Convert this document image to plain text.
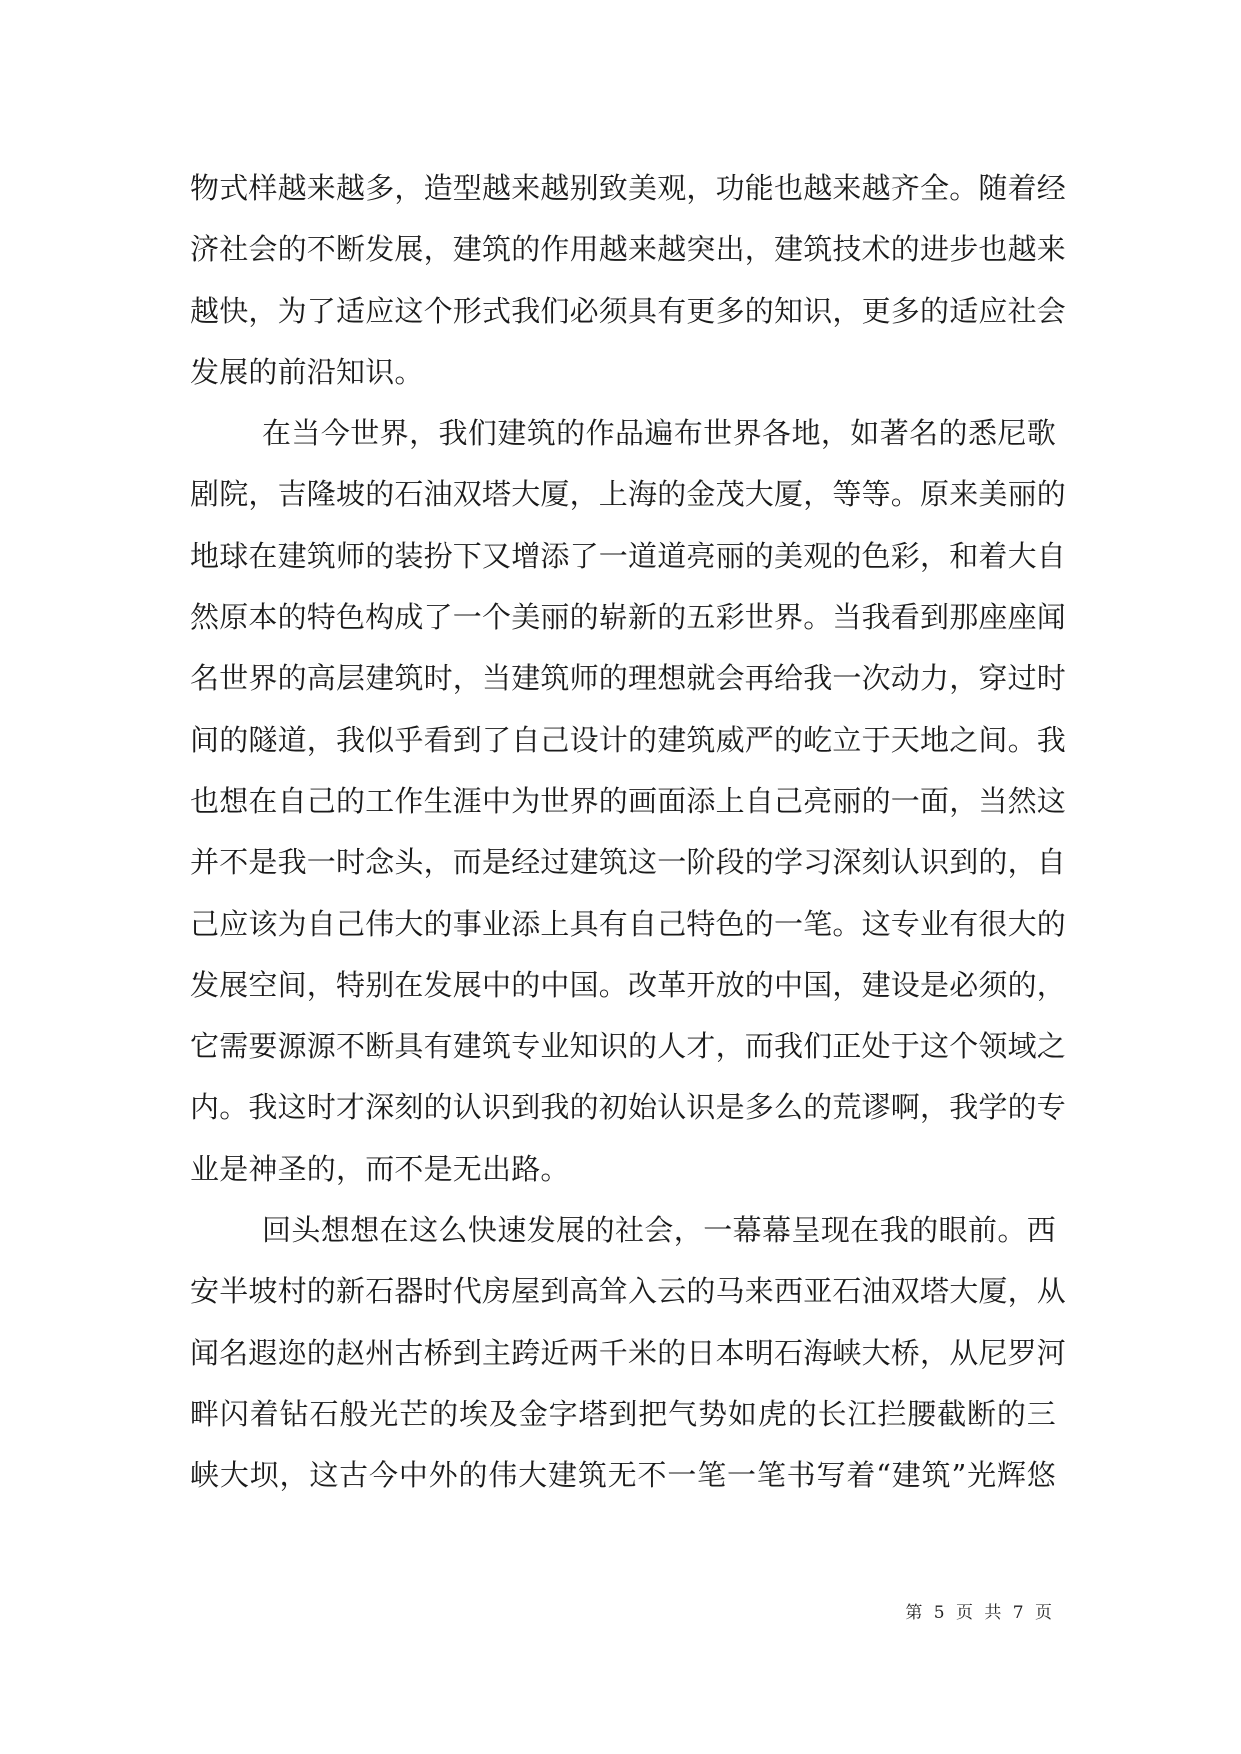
物式样越来越多，造型越来越别致美观，功能也越来越齐全。随着经
济社会的不断发展，建筑的作用越来越突出，建筑技术的进步也越来
越快，为了适应这个形式我们必须具有更多的知识，更多的适应社会
发展的前沿知识。
在当今世界，我们建筑的作品遍布世界各地，如著名的悉尼歌
剧院，吉隆坡的石油双塔大厦，上海的金茂大厦，等等。原来美丽的
地球在建筑师的装扮下又增添了一道道亮丽的美观的色彩，和着大自
然原本的特色构成了一个美丽的崭新的五彩世界。当我看到那座座闻
名世界的高层建筑时，当建筑师的理想就会再给我一次动力，穿过时
间的隧道，我似乎看到了自己设计的建筑威严的屹立于天地之间。我
也想在自己的工作生涯中为世界的画面添上自己亮丽的一面，当然这
并不是我一时念头，而是经过建筑这一阶段的学习深刻认识到的，自
己应该为自己伟大的事业添上具有自己特色的一笔。这专业有很大的
发展空间，特别在发展中的中国。改革开放的中国，建设是必须的，
它需要源源不断具有建筑专业知识的人才，而我们正处于这个领域之
内。我这时才深刻的认识到我的初始认识是多么的荒谬啊，我学的专
业是神圣的，而不是无出路。
回头想想在这么快速发展的社会，一幕幕呈现在我的眼前。西
安半坡村的新石器时代房屋到高耸入云的马来西亚石油双塔大厦，从
闻名遐迩的赵州古桥到主跨近两千米的日本明石海峡大桥，从尼罗河
畔闪着钻石般光芒的埃及金字塔到把气势如虎的长江拦腰截断的三
峡大坝，这古今中外的伟大建筑无不一笔一笔书写着“建筑”光辉悠
第 5 页 共 7 页
